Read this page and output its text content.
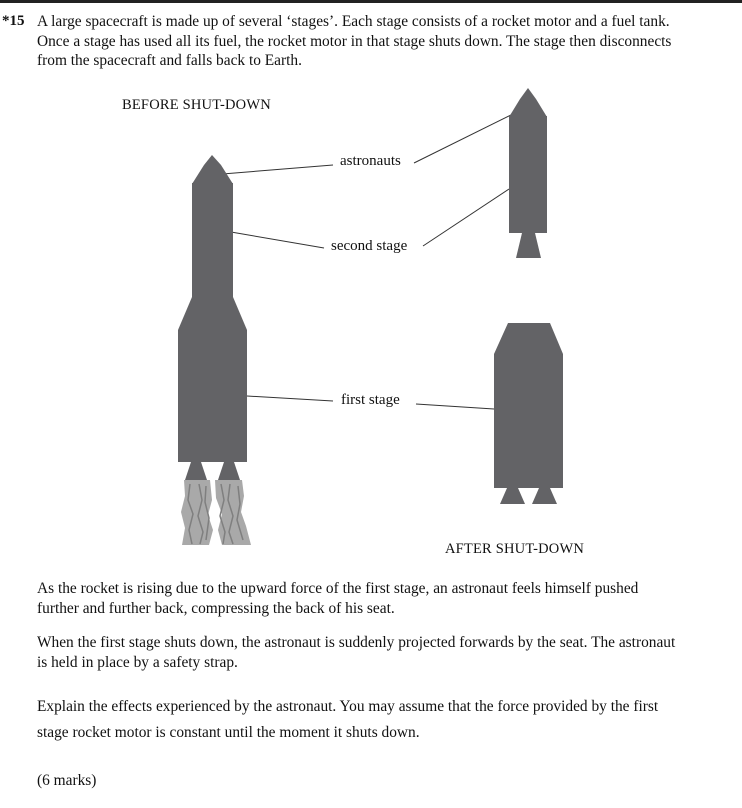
*15 A large spacecraft is made up of several ‘stages’. Each stage consists of a rocket motor and a fuel tank. Once a stage has used all its fuel, the rocket motor in that stage shuts down. The stage then disconnects from the spacecraft and falls back to Earth.
BEFORE SHUT-DOWN
AFTER SHUT-DOWN
astronauts
second stage
first stage
As the rocket is rising due to the upward force of the first stage, an astronaut feels himself pushed further and further back, compressing the back of his seat.
When the first stage shuts down, the astronaut is suddenly projected forwards by the seat. The astronaut is held in place by a safety strap.
Explain the effects experienced by the astronaut. You may assume that the force provided by the first stage rocket motor is constant until the moment it shuts down.
(6 marks)
